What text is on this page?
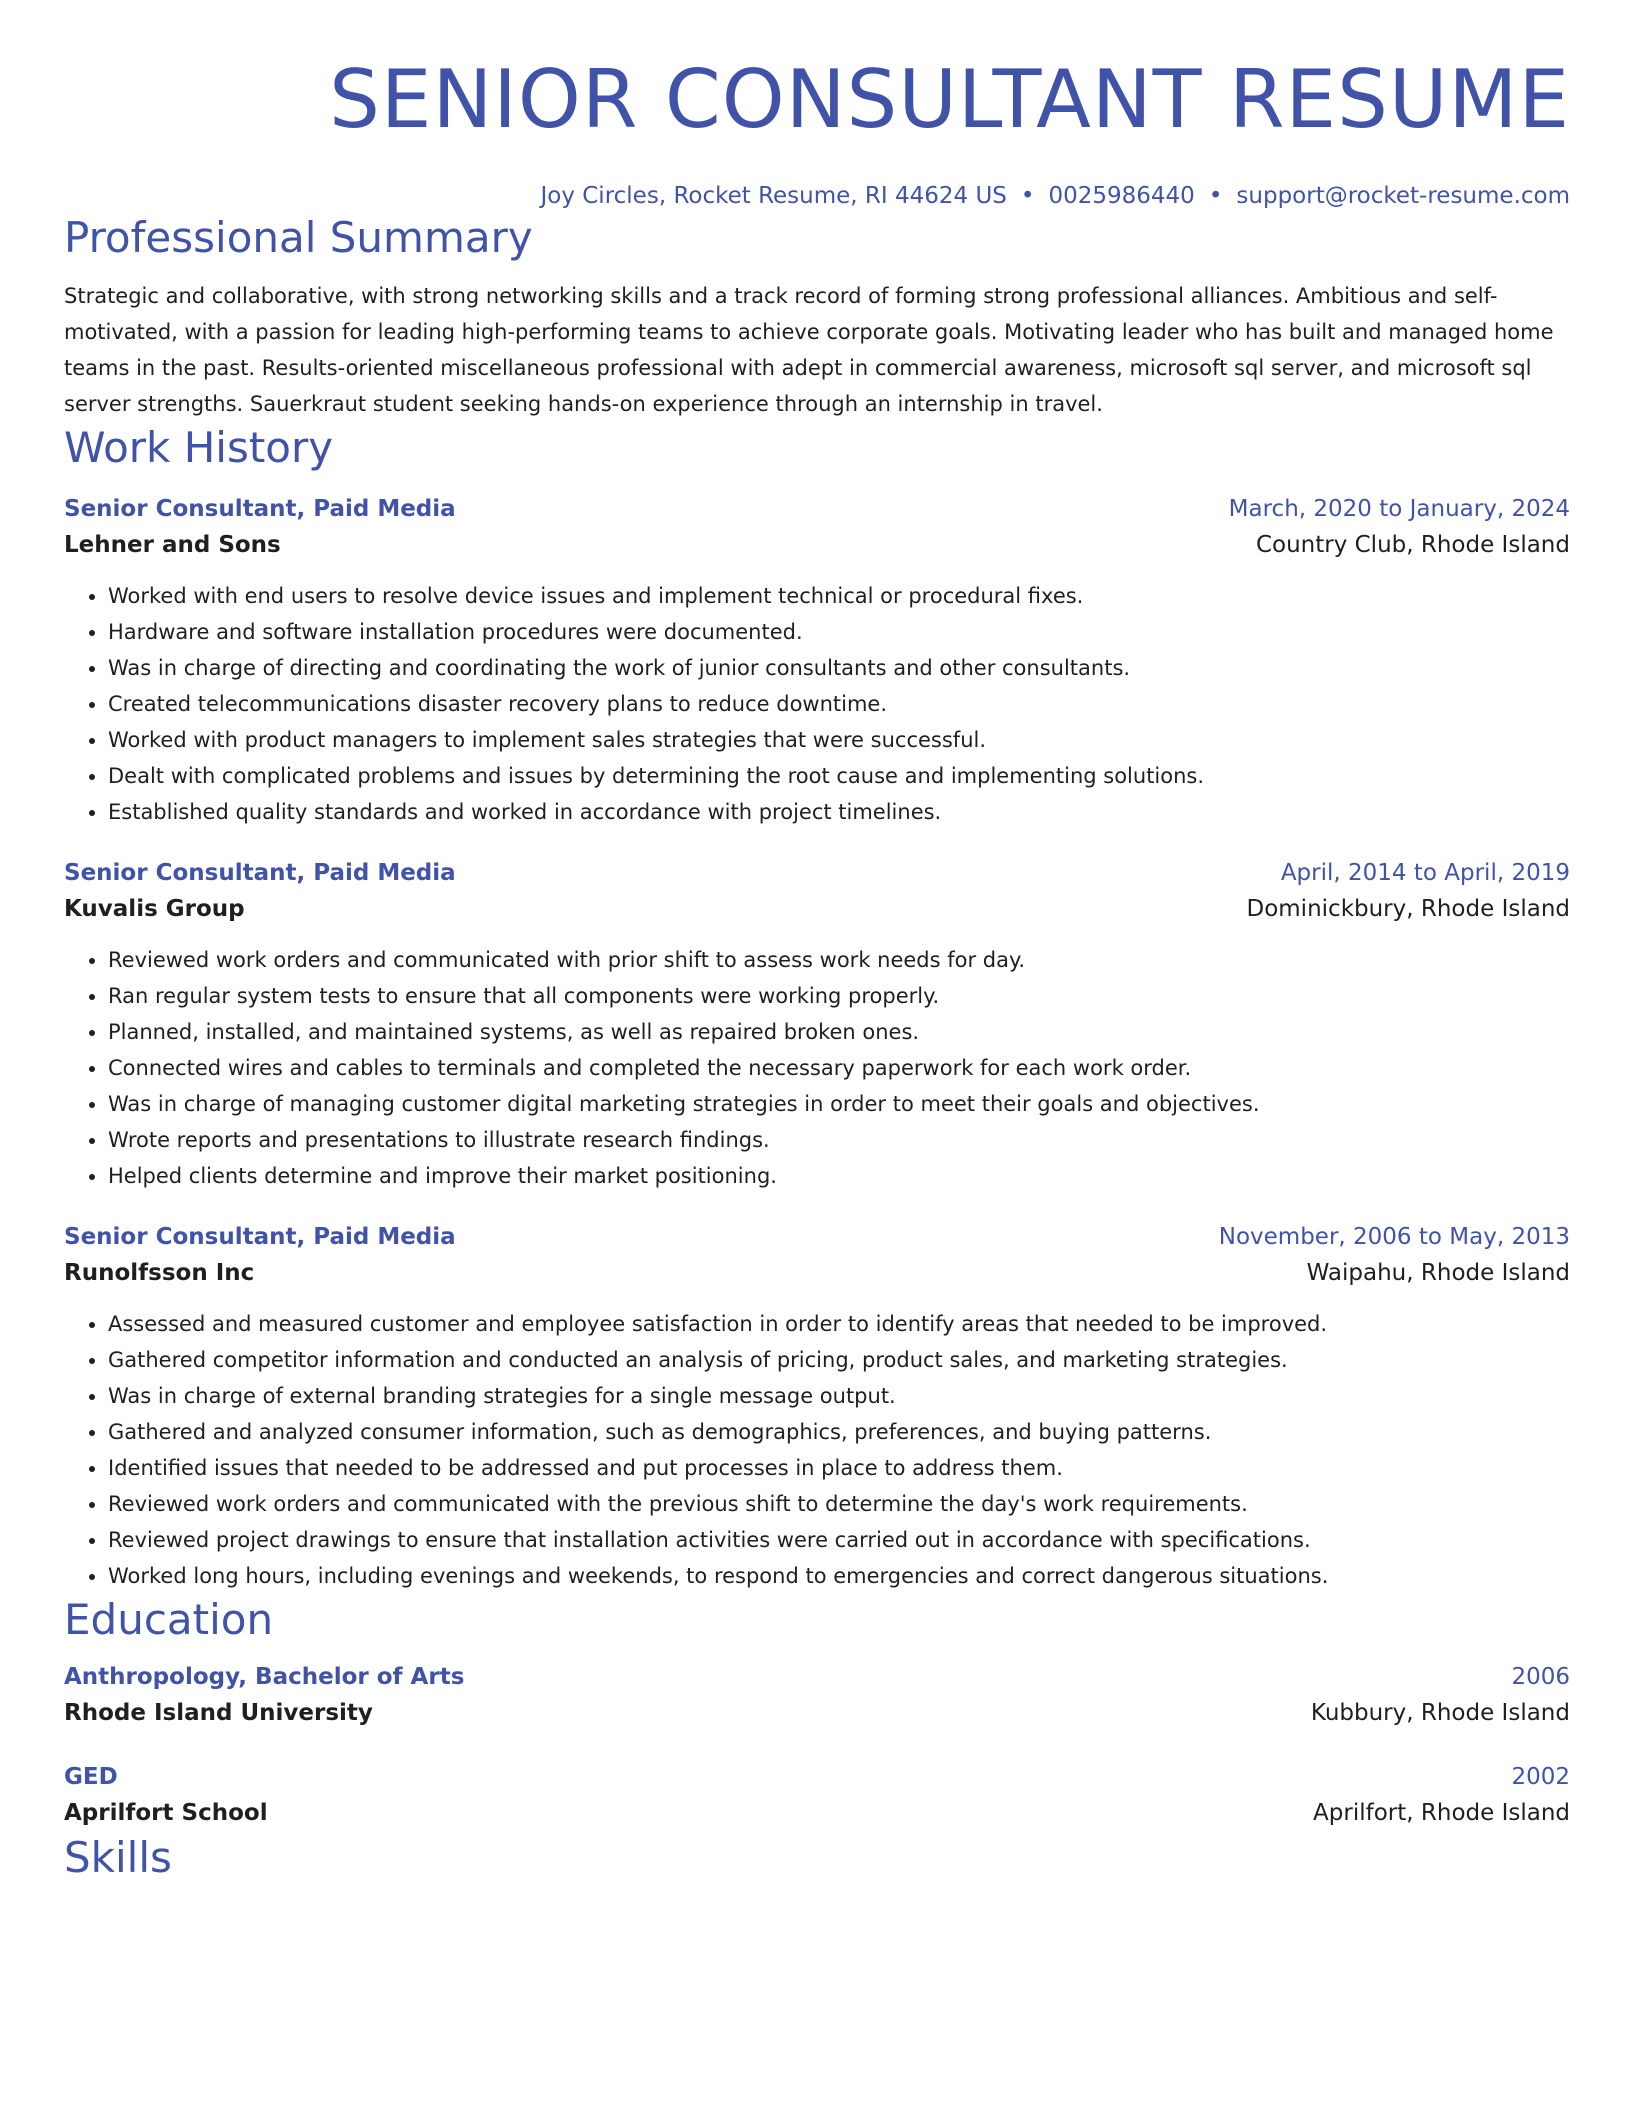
SENIOR CONSULTANT RESUME
Joy Circles, Rocket Resume, RI 44624 US • 0025986440 • support@rocket-resume.com
Professional Summary
Strategic and collaborative, with strong networking skills and a track record of forming strong professional alliances. Ambitious and self-motivated, with a passion for leading high-performing teams to achieve corporate goals. Motivating leader who has built and managed home teams in the past. Results-oriented miscellaneous professional with adept in commercial awareness, microsoft sql server, and microsoft sql server strengths. Sauerkraut student seeking hands-on experience through an internship in travel.
Work History
Senior Consultant, Paid Media	March, 2020 to January, 2024
Lehner and Sons	Country Club, Rhode Island
• Worked with end users to resolve device issues and implement technical or procedural fixes.
• Hardware and software installation procedures were documented.
• Was in charge of directing and coordinating the work of junior consultants and other consultants.
• Created telecommunications disaster recovery plans to reduce downtime.
• Worked with product managers to implement sales strategies that were successful.
• Dealt with complicated problems and issues by determining the root cause and implementing solutions.
• Established quality standards and worked in accordance with project timelines.
Senior Consultant, Paid Media	April, 2014 to April, 2019
Kuvalis Group	Dominickbury, Rhode Island
• Reviewed work orders and communicated with prior shift to assess work needs for day.
• Ran regular system tests to ensure that all components were working properly.
• Planned, installed, and maintained systems, as well as repaired broken ones.
• Connected wires and cables to terminals and completed the necessary paperwork for each work order.
• Was in charge of managing customer digital marketing strategies in order to meet their goals and objectives.
• Wrote reports and presentations to illustrate research findings.
• Helped clients determine and improve their market positioning.
Senior Consultant, Paid Media	November, 2006 to May, 2013
Runolfsson Inc	Waipahu, Rhode Island
• Assessed and measured customer and employee satisfaction in order to identify areas that needed to be improved.
• Gathered competitor information and conducted an analysis of pricing, product sales, and marketing strategies.
• Was in charge of external branding strategies for a single message output.
• Gathered and analyzed consumer information, such as demographics, preferences, and buying patterns.
• Identified issues that needed to be addressed and put processes in place to address them.
• Reviewed work orders and communicated with the previous shift to determine the day's work requirements.
• Reviewed project drawings to ensure that installation activities were carried out in accordance with specifications.
• Worked long hours, including evenings and weekends, to respond to emergencies and correct dangerous situations.
Education
Anthropology, Bachelor of Arts	2006
Rhode Island University	Kubbury, Rhode Island
GED	2002
Aprilfort School	Aprilfort, Rhode Island
Skills
